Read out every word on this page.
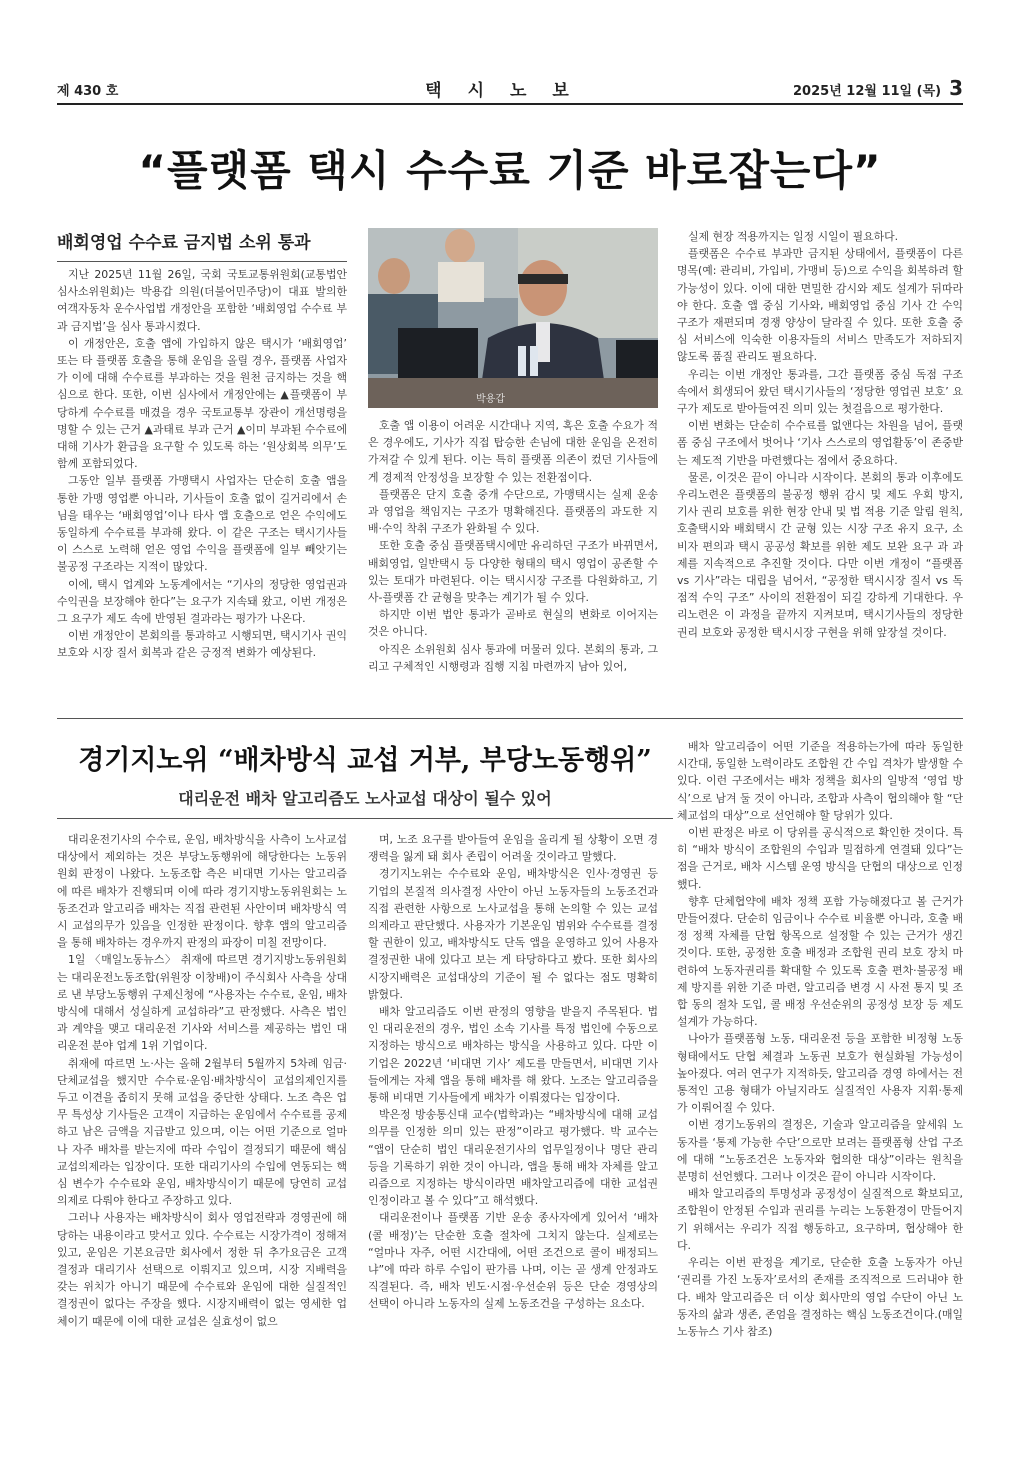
제 430 호	택시노보	2025년 12월 11일 (목) 3
“플랫폼 택시 수수료 기준 바로잡는다”
배회영업 수수료 금지법 소위 통과

지난 2025년 11월 26일, 국회 국토교통위원회(교통법안심사소위원회)는 박용갑 의원(더불어민주당)이 대표 발의한 여객자동차 운수사업법 개정안을 포함한 ‘배회영업 수수료 부과 금지법’을 심사 통과시켰다.

이 개정안은, 호출 앱에 가입하지 않은 택시가 ‘배회영업’ 또는 타 플랫폼 호출을 통해 운임을 올릴 경우, 플랫폼 사업자가 이에 대해 수수료를 부과하는 것을 원천 금지하는 것을 핵심으로 한다. 또한, 이번 심사에서 개정안에는 ▲플랫폼이 부당하게 수수료를 매겼을 경우 국토교통부 장관이 개선명령을 명할 수 있는 근거 ▲과태료 부과 근거 ▲이미 부과된 수수료에 대해 기사가 환급을 요구할 수 있도록 하는 ‘원상회복 의무’도 함께 포함되었다.

그동안 일부 플랫폼 가맹택시 사업자는 단순히 호출 앱을 통한 가맹 영업뿐 아니라, 기사들이 호출 없이 길거리에서 손님을 태우는 ‘배회영업’이나 타사 앱 호출으로 얻은 수익에도 동일하게 수수료를 부과해 왔다. 이 같은 구조는 택시기사들이 스스로 노력해 얻은 영업 수익을 플랫폼에 일부 빼앗기는 불공정 구조라는 지적이 많았다.

이에, 택시 업계와 노동계에서는 “기사의 정당한 영업권과 수익권을 보장해야 한다”는 요구가 지속돼 왔고, 이번 개정은 그 요구가 제도 속에 반영된 결과라는 평가가 나온다.

이번 개정안이 본회의를 통과하고 시행되면, 택시기사 권익 보호와 시장 질서 회복과 같은 긍정적 변화가 예상된다.

박용갑

호출 앱 이용이 어려운 시간대나 지역, 혹은 호출 수요가 적은 경우에도, 기사가 직접 탑승한 손님에 대한 운임을 온전히 가져갈 수 있게 된다. 이는 특히 플랫폼 의존이 컸던 기사들에게 경제적 안정성을 보장할 수 있는 전환점이다.

플랫폼은 단지 호출 중개 수단으로, 가맹택시는 실제 운송과 영업을 책임지는 구조가 명확해진다. 플랫폼의 과도한 지배·수익 착취 구조가 완화될 수 있다.

또한 호출 중심 플랫폼택시에만 유리하던 구조가 바뀌면서, 배회영업, 일반택시 등 다양한 형태의 택시 영업이 공존할 수 있는 토대가 마련된다. 이는 택시시장 구조를 다원화하고, 기사-플랫폼 간 균형을 맞추는 계기가 될 수 있다.

하지만 이번 법안 통과가 곧바로 현실의 변화로 이어지는 것은 아니다.

아직은 소위원회 심사 통과에 머물러 있다. 본회의 통과, 그리고 구체적인 시행령과 집행 지침 마련까지 남아 있어,

실제 현장 적용까지는 일정 시일이 필요하다.

플랫폼은 수수료 부과만 금지된 상태에서, 플랫폼이 다른 명목(예: 관리비, 가입비, 가맹비 등)으로 수익을 회복하려 할 가능성이 있다. 이에 대한 면밀한 감시와 제도 설계가 뒤따라야 한다. 호출 앱 중심 기사와, 배회영업 중심 기사 간 수익 구조가 재편되며 경쟁 양상이 달라질 수 있다. 또한 호출 중심 서비스에 익숙한 이용자들의 서비스 만족도가 저하되지 않도록 품질 관리도 필요하다.

우리는 이번 개정안 통과를, 그간 플랫폼 중심 독점 구조 속에서 희생되어 왔던 택시기사들의 ‘정당한 영업권 보호’ 요구가 제도로 받아들여진 의미 있는 첫걸음으로 평가한다.

이번 변화는 단순히 수수료를 없앤다는 차원을 넘어, 플랫폼 중심 구조에서 벗어나 ‘기사 스스로의 영업활동’이 존중받는 제도적 기반을 마련했다는 점에서 중요하다.

물론, 이것은 끝이 아니라 시작이다. 본회의 통과 이후에도 우리노련은 플랫폼의 불공정 행위 감시 및 제도 우회 방지, 기사 권리 보호를 위한 현장 안내 및 법 적용 기준 알림 원칙, 호출택시와 배회택시 간 균형 있는 시장 구조 유지 요구, 소비자 편의과 택시 공공성 확보를 위한 제도 보완 요구 과 과제를 지속적으로 추진할 것이다. 다만 이번 개정이 “플랫폼 vs 기사”라는 대립을 넘어서, “공정한 택시시장 질서 vs 독점적 수익 구조” 사이의 전환점이 되길 강하게 기대한다. 우리노련은 이 과정을 끝까지 지켜보며, 택시기사들의 정당한 권리 보호와 공정한 택시시장 구현을 위해 앞장설 것이다.

경기지노위 “배차방식 교섭 거부, 부당노동행위”
대리운전 배차 알고리즘도 노사교섭 대상이 될수 있어

대리운전기사의 수수료, 운임, 배차방식을 사측이 노사교섭 대상에서 제외하는 것은 부당노동행위에 해당한다는 노동위원회 판정이 나왔다. 노동조합 측은 비대면 기사는 알고리즘에 따른 배차가 진행되며 이에 따라 경기지방노동위원회는 노동조건과 알고리즘 배차는 직접 관련된 사안이며 배차방식 역시 교섭의무가 있음을 인정한 판정이다. 향후 앱의 알고리즘을 통해 배차하는 경우까지 판정의 파장이 미칠 전망이다.

1일 〈매일노동뉴스〉 취재에 따르면 경기지방노동위원회는 대리운전노동조합(위원장 이창배)이 주식회사 사측을 상대로 낸 부당노동행위 구제신청에 “사용자는 수수료, 운임, 배차방식에 대해서 성실하게 교섭하라”고 판정했다. 사측은 법인과 계약을 맺고 대리운전 기사와 서비스를 제공하는 법인 대리운전 분야 업계 1위 기업이다.

취재에 따르면 노·사는 올해 2월부터 5월까지 5차례 임금·단체교섭을 했지만 수수료·운임·배차방식이 교섭의제인지를 두고 이견을 좁히지 못해 교섭을 중단한 상태다. 노조 측은 업무 특성상 기사들은 고객이 지급하는 운임에서 수수료를 공제하고 남은 금액을 지급받고 있으며, 이는 어떤 기준으로 얼마나 자주 배차를 받는지에 따라 수입이 결정되기 때문에 핵심 교섭의제라는 입장이다. 또한 대리기사의 수입에 연동되는 핵심 변수가 수수료와 운임, 배차방식이기 때문에 당연히 교섭의제로 다뤄야 한다고 주장하고 있다.

그러나 사용자는 배차방식이 회사 영업전략과 경영권에 해당하는 내용이라고 맞서고 있다. 수수료는 시장가격이 정해져 있고, 운임은 기본요금만 회사에서 정한 뒤 추가요금은 고객 결정과 대리기사 선택으로 이뤄지고 있으며, 시장 지배력을 갖는 위치가 아니기 때문에 수수료와 운임에 대한 실질적인 결정권이 없다는 주장을 했다. 시장지배력이 없는 영세한 업체이기 때문에 이에 대한 교섭은 실효성이 없으

며, 노조 요구를 받아들여 운임을 올리게 될 상황이 오면 경쟁력을 잃게 돼 회사 존립이 어려울 것이라고 말했다.

경기지노위는 수수료와 운임, 배차방식은 인사·경영권 등 기업의 본질적 의사결정 사안이 아닌 노동자들의 노동조건과 직접 관련한 사항으로 노사교섭을 통해 논의할 수 있는 교섭의제라고 판단했다. 사용자가 기본운임 범위와 수수료를 결정할 권한이 있고, 배차방식도 단독 앱을 운영하고 있어 사용자 결정권한 내에 있다고 보는 게 타당하다고 봤다. 또한 회사의 시장지배력은 교섭대상의 기준이 될 수 없다는 점도 명확히 밝혔다.

배차 알고리즘도 이번 판정의 영향을 받을지 주목된다. 법인 대리운전의 경우, 법인 소속 기사를 특정 법인에 수동으로 지정하는 방식으로 배차하는 방식을 사용하고 있다. 다만 이 기업은 2022년 ‘비대면 기사’ 제도를 만들면서, 비대면 기사들에게는 자체 앱을 통해 배차를 해 왔다. 노조는 알고리즘을 통해 비대면 기사들에게 배차가 이뤄졌다는 입장이다.

박은정 방송통신대 교수(법학과)는 “배차방식에 대해 교섭의무를 인정한 의미 있는 판정”이라고 평가했다. 박 교수는 “앱이 단순히 법인 대리운전기사의 업무일정이나 명단 관리 등을 기록하기 위한 것이 아니라, 앱을 통해 배차 자체를 알고리즘으로 지정하는 방식이라면 배차알고리즘에 대한 교섭권 인정이라고 볼 수 있다”고 해석했다.

대리운전이나 플랫폼 기반 운송 종사자에게 있어서 ‘배차(콜 배정)’는 단순한 호출 절차에 그치지 않는다. 실제로는 “얼마나 자주, 어떤 시간대에, 어떤 조건으로 콜이 배정되느냐”에 따라 하루 수입이 판가름 나며, 이는 곧 생계 안정과도 직결된다. 즉, 배차 빈도·시점·우선순위 등은 단순 경영상의 선택이 아니라 노동자의 실제 노동조건을 구성하는 요소다.

배차 알고리즘이 어떤 기준을 적용하는가에 따라 동일한 시간대, 동일한 노력이라도 조합원 간 수입 격차가 발생할 수 있다. 이런 구조에서는 배차 정책을 회사의 일방적 ‘영업 방식’으로 남겨 둘 것이 아니라, 조합과 사측이 협의해야 할 “단체교섭의 대상”으로 선언해야 할 당위가 있다.

이번 판정은 바로 이 당위를 공식적으로 확인한 것이다. 특히 “배차 방식이 조합원의 수입과 밀접하게 연결돼 있다”는 점을 근거로, 배차 시스템 운영 방식을 단협의 대상으로 인정했다.

향후 단체협약에 배차 정책 포함 가능해졌다고 볼 근거가 만들어졌다. 단순히 임금이나 수수료 비율뿐 아니라, 호출 배정 정책 자체를 단협 항목으로 설정할 수 있는 근거가 생긴 것이다. 또한, 공정한 호출 배정과 조합원 권리 보호 장치 마련하여 노동자권리를 확대할 수 있도록 호출 편차·불공정 배제 방지를 위한 기준 마련, 알고리즘 변경 시 사전 통지 및 조합 동의 절차 도입, 콜 배정 우선순위의 공정성 보장 등 제도 설계가 가능하다.

나아가 플랫폼형 노동, 대리운전 등을 포함한 비정형 노동 형태에서도 단협 체결과 노동권 보호가 현실화될 가능성이 높아졌다. 여러 연구가 지적하듯, 알고리즘 경영 하에서는 전통적인 고용 형태가 아닐지라도 실질적인 사용자 지휘·통제가 이뤄어질 수 있다.

이번 경기노동위의 결정은, 기술과 알고리즘을 앞세워 노동자를 ‘통제 가능한 수단’으로만 보려는 플랫폼형 산업 구조에 대해 “노동조건은 노동자와 협의한 대상”이라는 원칙을 분명히 선언했다. 그러나 이것은 끝이 아니라 시작이다.

배차 알고리즘의 투명성과 공정성이 실질적으로 확보되고, 조합원이 안정된 수입과 권리를 누리는 노동환경이 만들어지기 위해서는 우리가 직접 행동하고, 요구하며, 협상해야 한다.

우리는 이번 판정을 계기로, 단순한 호출 노동자가 아닌 ‘권리를 가진 노동자’로서의 존재를 조직적으로 드러내야 한다. 배차 알고리즘은 더 이상 회사만의 영업 수단이 아닌 노동자의 삶과 생존, 존엄을 결정하는 핵심 노동조건이다.(매일노동뉴스 기사 참조)
